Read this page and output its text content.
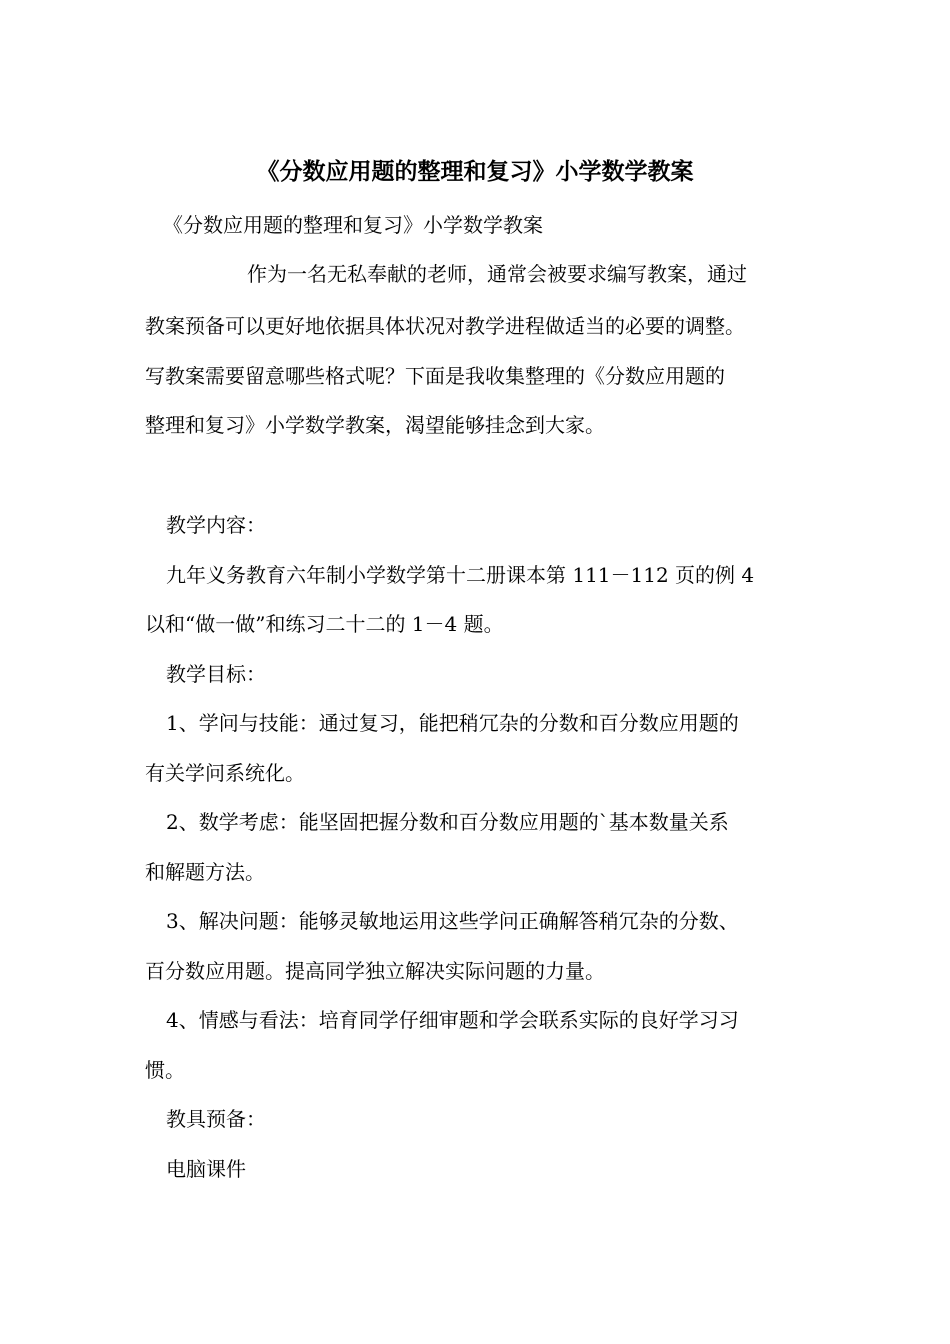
《分数应用题的整理和复习》小学数学教案
《分数应用题的整理和复习》小学数学教案
作为一名无私奉献的老师，通常会被要求编写教案，通过
教案预备可以更好地依据具体状况对教学进程做适当的必要的调整。
写教案需要留意哪些格式呢？下面是我收集整理的《分数应用题的
整理和复习》小学数学教案，渴望能够挂念到大家。
教学内容：
九年义务教育六年制小学数学第十二册课本第 111－112 页的例 4
以和“做一做”和练习二十二的 1－4 题。
教学目标：
1、学问与技能：通过复习，能把稍冗杂的分数和百分数应用题的
有关学问系统化。
2、数学考虑：能坚固把握分数和百分数应用题的`基本数量关系
和解题方法。
3、解决问题：能够灵敏地运用这些学问正确解答稍冗杂的分数、
百分数应用题。提高同学独立解决实际问题的力量。
4、情感与看法：培育同学仔细审题和学会联系实际的良好学习习
惯。
教具预备：
电脑课件
